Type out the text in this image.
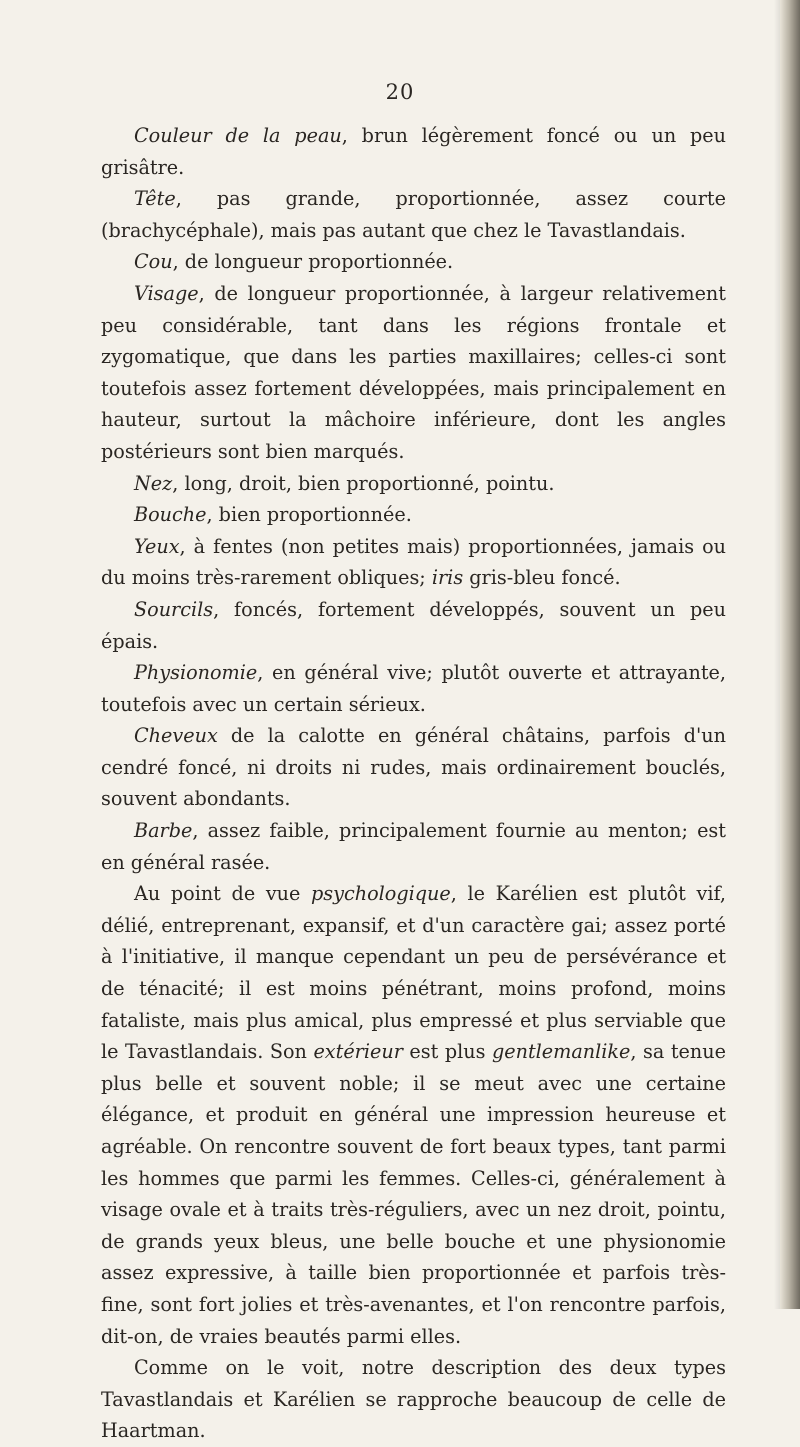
20

Couleur de la peau, brun légèrement foncé ou un peu grisâtre.

Tête, pas grande, proportionnée, assez courte (brachycéphale), mais pas autant que chez le Tavastlandais.

Cou, de longueur proportionnée.

Visage, de longueur proportionnée, à largeur relativement peu considérable, tant dans les régions frontale et zygomatique, que dans les parties maxillaires; celles-ci sont toutefois assez fortement développées, mais principalement en hauteur, surtout la mâchoire inférieure, dont les angles postérieurs sont bien marqués.

Nez, long, droit, bien proportionné, pointu.

Bouche, bien proportionnée.

Yeux, à fentes (non petites mais) proportionnées, jamais ou du moins très-rarement obliques; iris gris-bleu foncé.

Sourcils, foncés, fortement développés, souvent un peu épais.

Physionomie, en général vive; plutôt ouverte et attrayante, toutefois avec un certain sérieux.

Cheveux de la calotte en général châtains, parfois d'un cendré foncé, ni droits ni rudes, mais ordinairement bouclés, souvent abondants.

Barbe, assez faible, principalement fournie au menton; est en général rasée.

Au point de vue psychologique, le Karélien est plutôt vif, délié, entreprenant, expansif, et d'un caractère gai; assez porté à l'initiative, il manque cependant un peu de persévérance et de ténacité; il est moins pénétrant, moins profond, moins fataliste, mais plus amical, plus empressé et plus serviable que le Tavastlandais. Son extérieur est plus gentlemanlike, sa tenue plus belle et souvent noble; il se meut avec une certaine élégance, et produit en général une impression heureuse et agréable. On rencontre souvent de fort beaux types, tant parmi les hommes que parmi les femmes. Celles-ci, généralement à visage ovale et à traits très-réguliers, avec un nez droit, pointu, de grands yeux bleus, une belle bouche et une physionomie assez expressive, à taille bien proportionnée et parfois très-fine, sont fort jolies et très-avenantes, et l'on rencontre parfois, dit-on, de vraies beautés parmi elles.

Comme on le voit, notre description des deux types Tavastlandais et Karélien se rapproche beaucoup de celle de Haartman.
